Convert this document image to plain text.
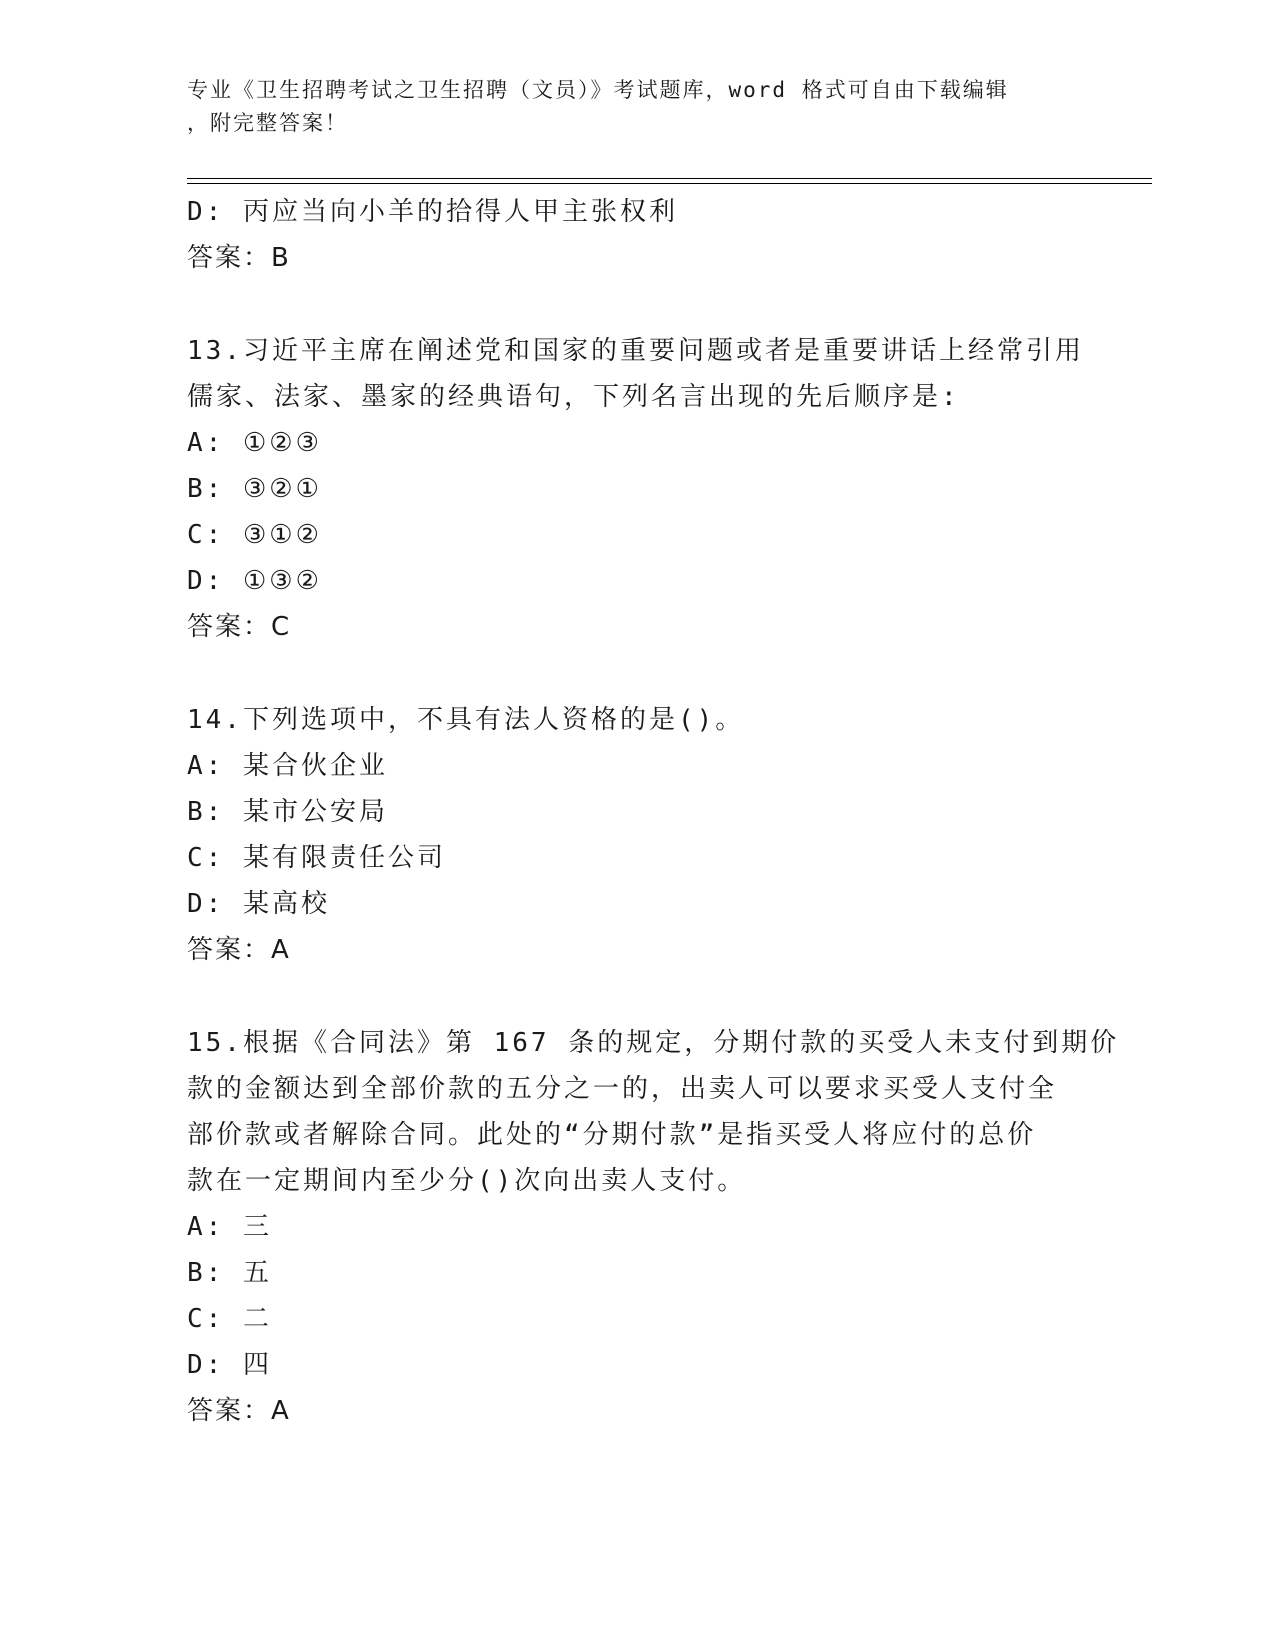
专业《卫生招聘考试之卫生招聘（文员）》考试题库，word 格式可自由下载编辑
，附完整答案！
D: 丙应当向小羊的拾得人甲主张权利
答案：B
13.习近平主席在阐述党和国家的重要问题或者是重要讲话上经常引用
儒家、法家、墨家的经典语句，下列名言出现的先后顺序是:
A: ①②③
B: ③②①
C: ③①②
D: ①③②
答案：C
14.下列选项中，不具有法人资格的是()。
A: 某合伙企业
B: 某市公安局
C: 某有限责任公司
D: 某高校
答案：A
15.根据《合同法》第 167 条的规定，分期付款的买受人未支付到期价
款的金额达到全部价款的五分之一的，出卖人可以要求买受人支付全
部价款或者解除合同。此处的“分期付款”是指买受人将应付的总价
款在一定期间内至少分()次向出卖人支付。
A: 三
B: 五
C: 二
D: 四
答案：A
